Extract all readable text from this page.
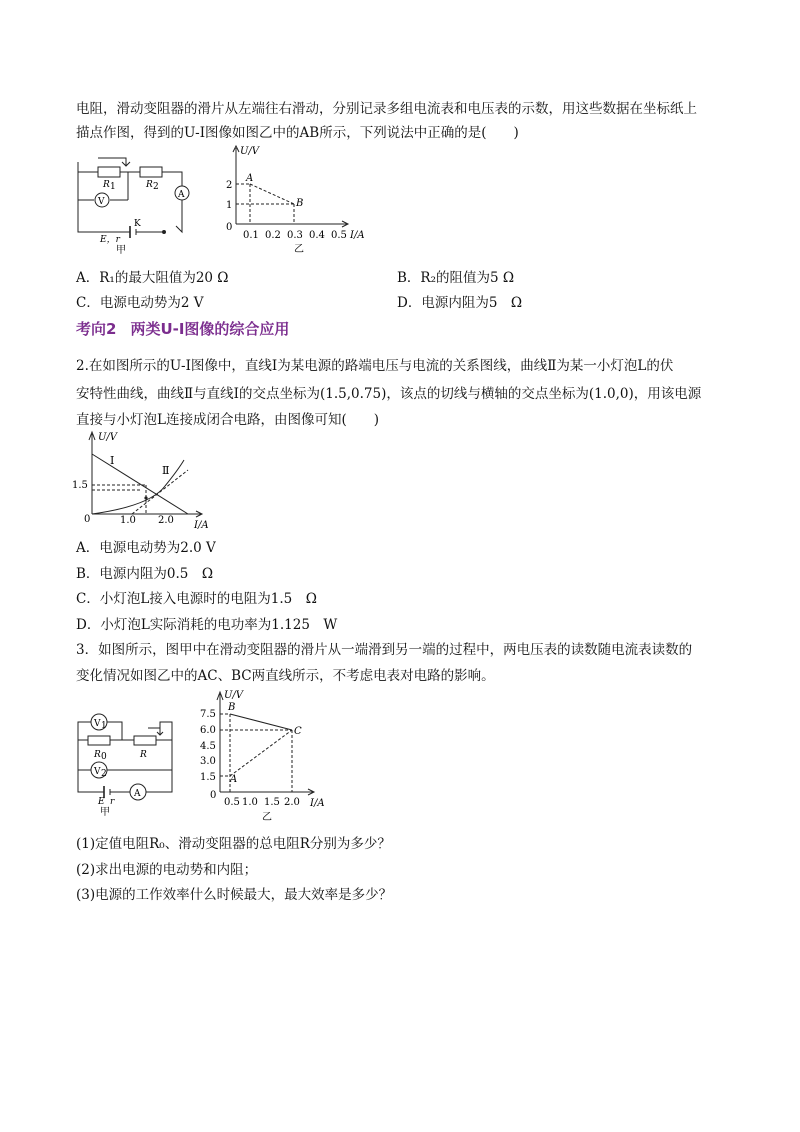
电阻，滑动变阻器的滑片从左端往右滑动，分别记录多组电流表和电压表的示数，用这些数据在坐标纸上
描点作图，得到的U-I图像如图乙中的AB所示，下列说法中正确的是(　　)
V
A
R 1	R 2
E，r
K
甲
U/V
I/A
2
1
0
0.1 0.2 0.3 0.4 0.5
A
B
乙
A．R₁的最大阻值为20 Ω	B．R₂的阻值为5 Ω
C．电源电动势为2 V	D．电源内阻为5　Ω
考向2 两类U-I图像的综合应用
2.在如图所示的U-I图像中，直线Ⅰ为某电源的路端电压与电流的关系图线，曲线Ⅱ为某一小灯泡L的伏
安特性曲线，曲线Ⅱ与直线Ⅰ的交点坐标为(1.5,0.75)，该点的切线与横轴的交点坐标为(1.0,0)，用该电源
直接与小灯泡L连接成闭合电路，由图像可知(　　)
U/V
I/A
1.5
0	1.0 2.0
Ⅰ
Ⅱ
A．电源电动势为2.0 V
B．电源内阻为0.5　Ω
C．小灯泡L接入电源时的电阻为1.5　Ω
D．小灯泡L实际消耗的电功率为1.125　W
3．如图所示，图甲中在滑动变阻器的滑片从一端滑到另一端的过程中，两电压表的读数随电流表读数的
变化情况如图乙中的AC、BC两直线所示，不考虑电表对电路的影响。
V 1
V 2
R 0	R
A
E r
甲
U/V
I/A
7.5
6.0
4.5
3.0
1.5
0
0.5 1.0 1.5 2.0
A
B
C
乙
(1)定值电阻R₀、滑动变阻器的总电阻R分别为多少？
(2)求出电源的电动势和内阻；
(3)电源的工作效率什么时候最大，最大效率是多少？
